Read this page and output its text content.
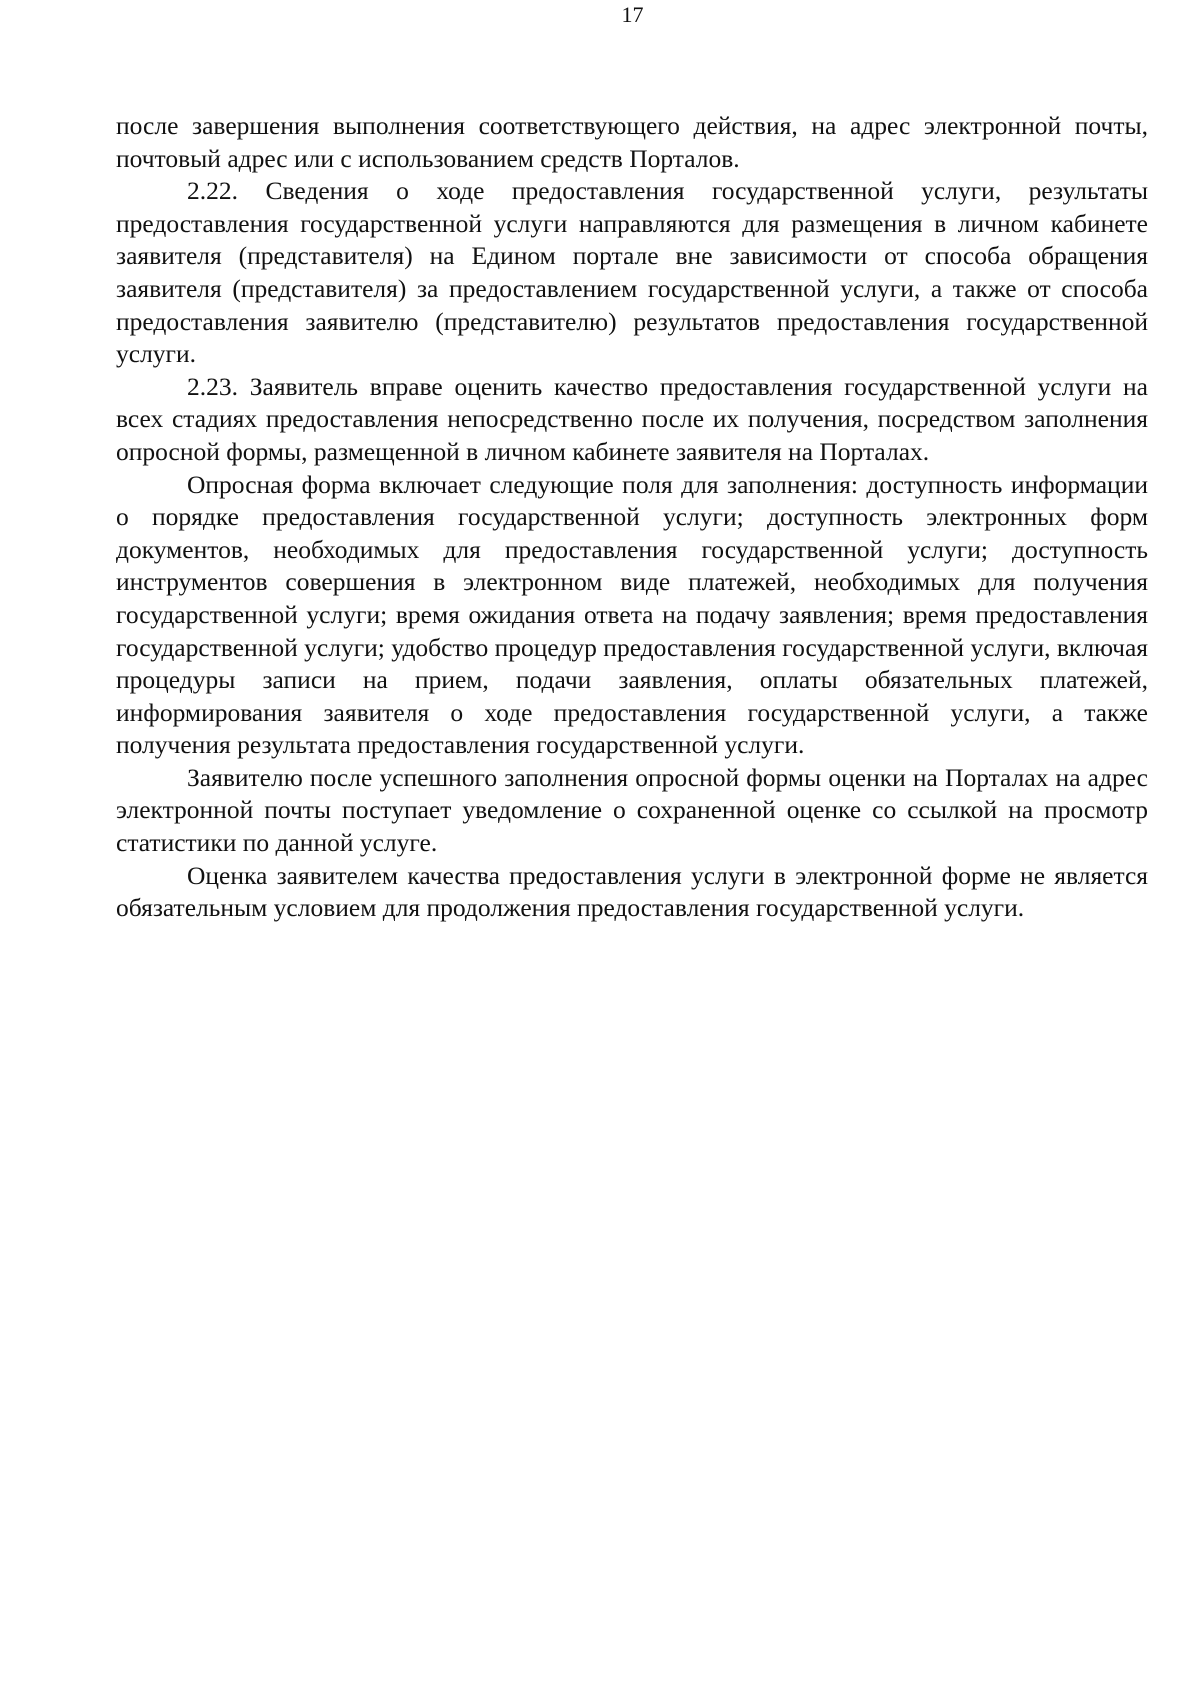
17

после завершения выполнения соответствующего действия, на адрес электронной почты, почтовый адрес или с использованием средств Порталов.

2.22. Сведения о ходе предоставления государственной услуги, результаты предоставления государственной услуги направляются для размещения в личном кабинете заявителя (представителя) на Едином портале вне зависимости от способа обращения заявителя (представителя) за предоставлением государственной услуги, а также от способа предоставления заявителю (представителю) результатов предоставления государственной услуги.

2.23. Заявитель вправе оценить качество предоставления государственной услуги на всех стадиях предоставления непосредственно после их получения, посредством заполнения опросной формы, размещенной в личном кабинете заявителя на Порталах.

Опросная форма включает следующие поля для заполнения: доступность информации о порядке предоставления государственной услуги; доступность электронных форм документов, необходимых для предоставления государственной услуги; доступность инструментов совершения в электронном виде платежей, необходимых для получения государственной услуги; время ожидания ответа на подачу заявления; время предоставления государственной услуги; удобство процедур предоставления государственной услуги, включая процедуры записи на прием, подачи заявления, оплаты обязательных платежей, информирования заявителя о ходе предоставления государственной услуги, а также получения результата предоставления государственной услуги.

Заявителю после успешного заполнения опросной формы оценки на Порталах на адрес электронной почты поступает уведомление о сохраненной оценке со ссылкой на просмотр статистики по данной услуге.

Оценка заявителем качества предоставления услуги в электронной форме не является обязательным условием для продолжения предоставления государственной услуги.
